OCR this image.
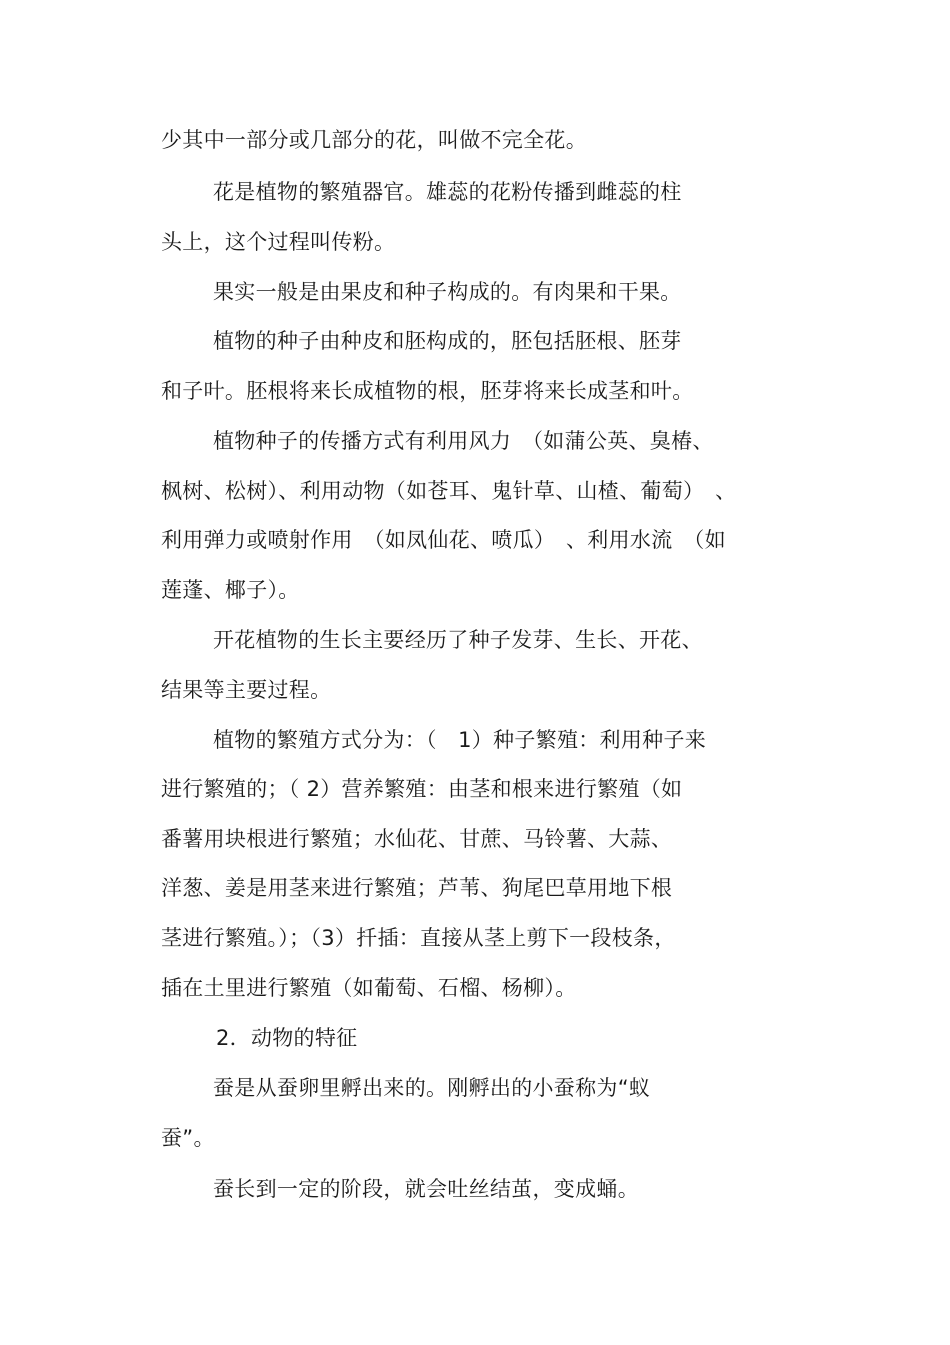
少其中一部分或几部分的花，叫做不完全花。
花是植物的繁殖器官。雄蕊的花粉传播到雌蕊的柱
头上，这个过程叫传粉。
果实一般是由果皮和种子构成的。有肉果和干果。
植物的种子由种皮和胚构成的，胚包括胚根、胚芽
和子叶。胚根将来长成植物的根，胚芽将来长成茎和叶。
植物种子的传播方式有利用风力　（如蒲公英、臭椿、
枫树、松树）、利用动物（如苍耳、鬼针草、山楂、葡萄）　、
利用弹力或喷射作用　（如凤仙花、喷瓜）　、利用水流　（如
莲蓬、椰子）。
开花植物的生长主要经历了种子发芽、生长、开花、
结果等主要过程。
植物的繁殖方式分为：（　1）种子繁殖：利用种子来
进行繁殖的；（ 2）营养繁殖：由茎和根来进行繁殖（如
番薯用块根进行繁殖；水仙花、甘蔗、马铃薯、大蒜、
洋葱、姜是用茎来进行繁殖；芦苇、狗尾巴草用地下根
茎进行繁殖。）；（3）扦插：直接从茎上剪下一段枝条，
插在土里进行繁殖（如葡萄、石榴、杨柳）。
2．动物的特征
蚕是从蚕卵里孵出来的。刚孵出的小蚕称为“蚁
蚕”。
蚕长到一定的阶段，就会吐丝结茧，变成蛹。
